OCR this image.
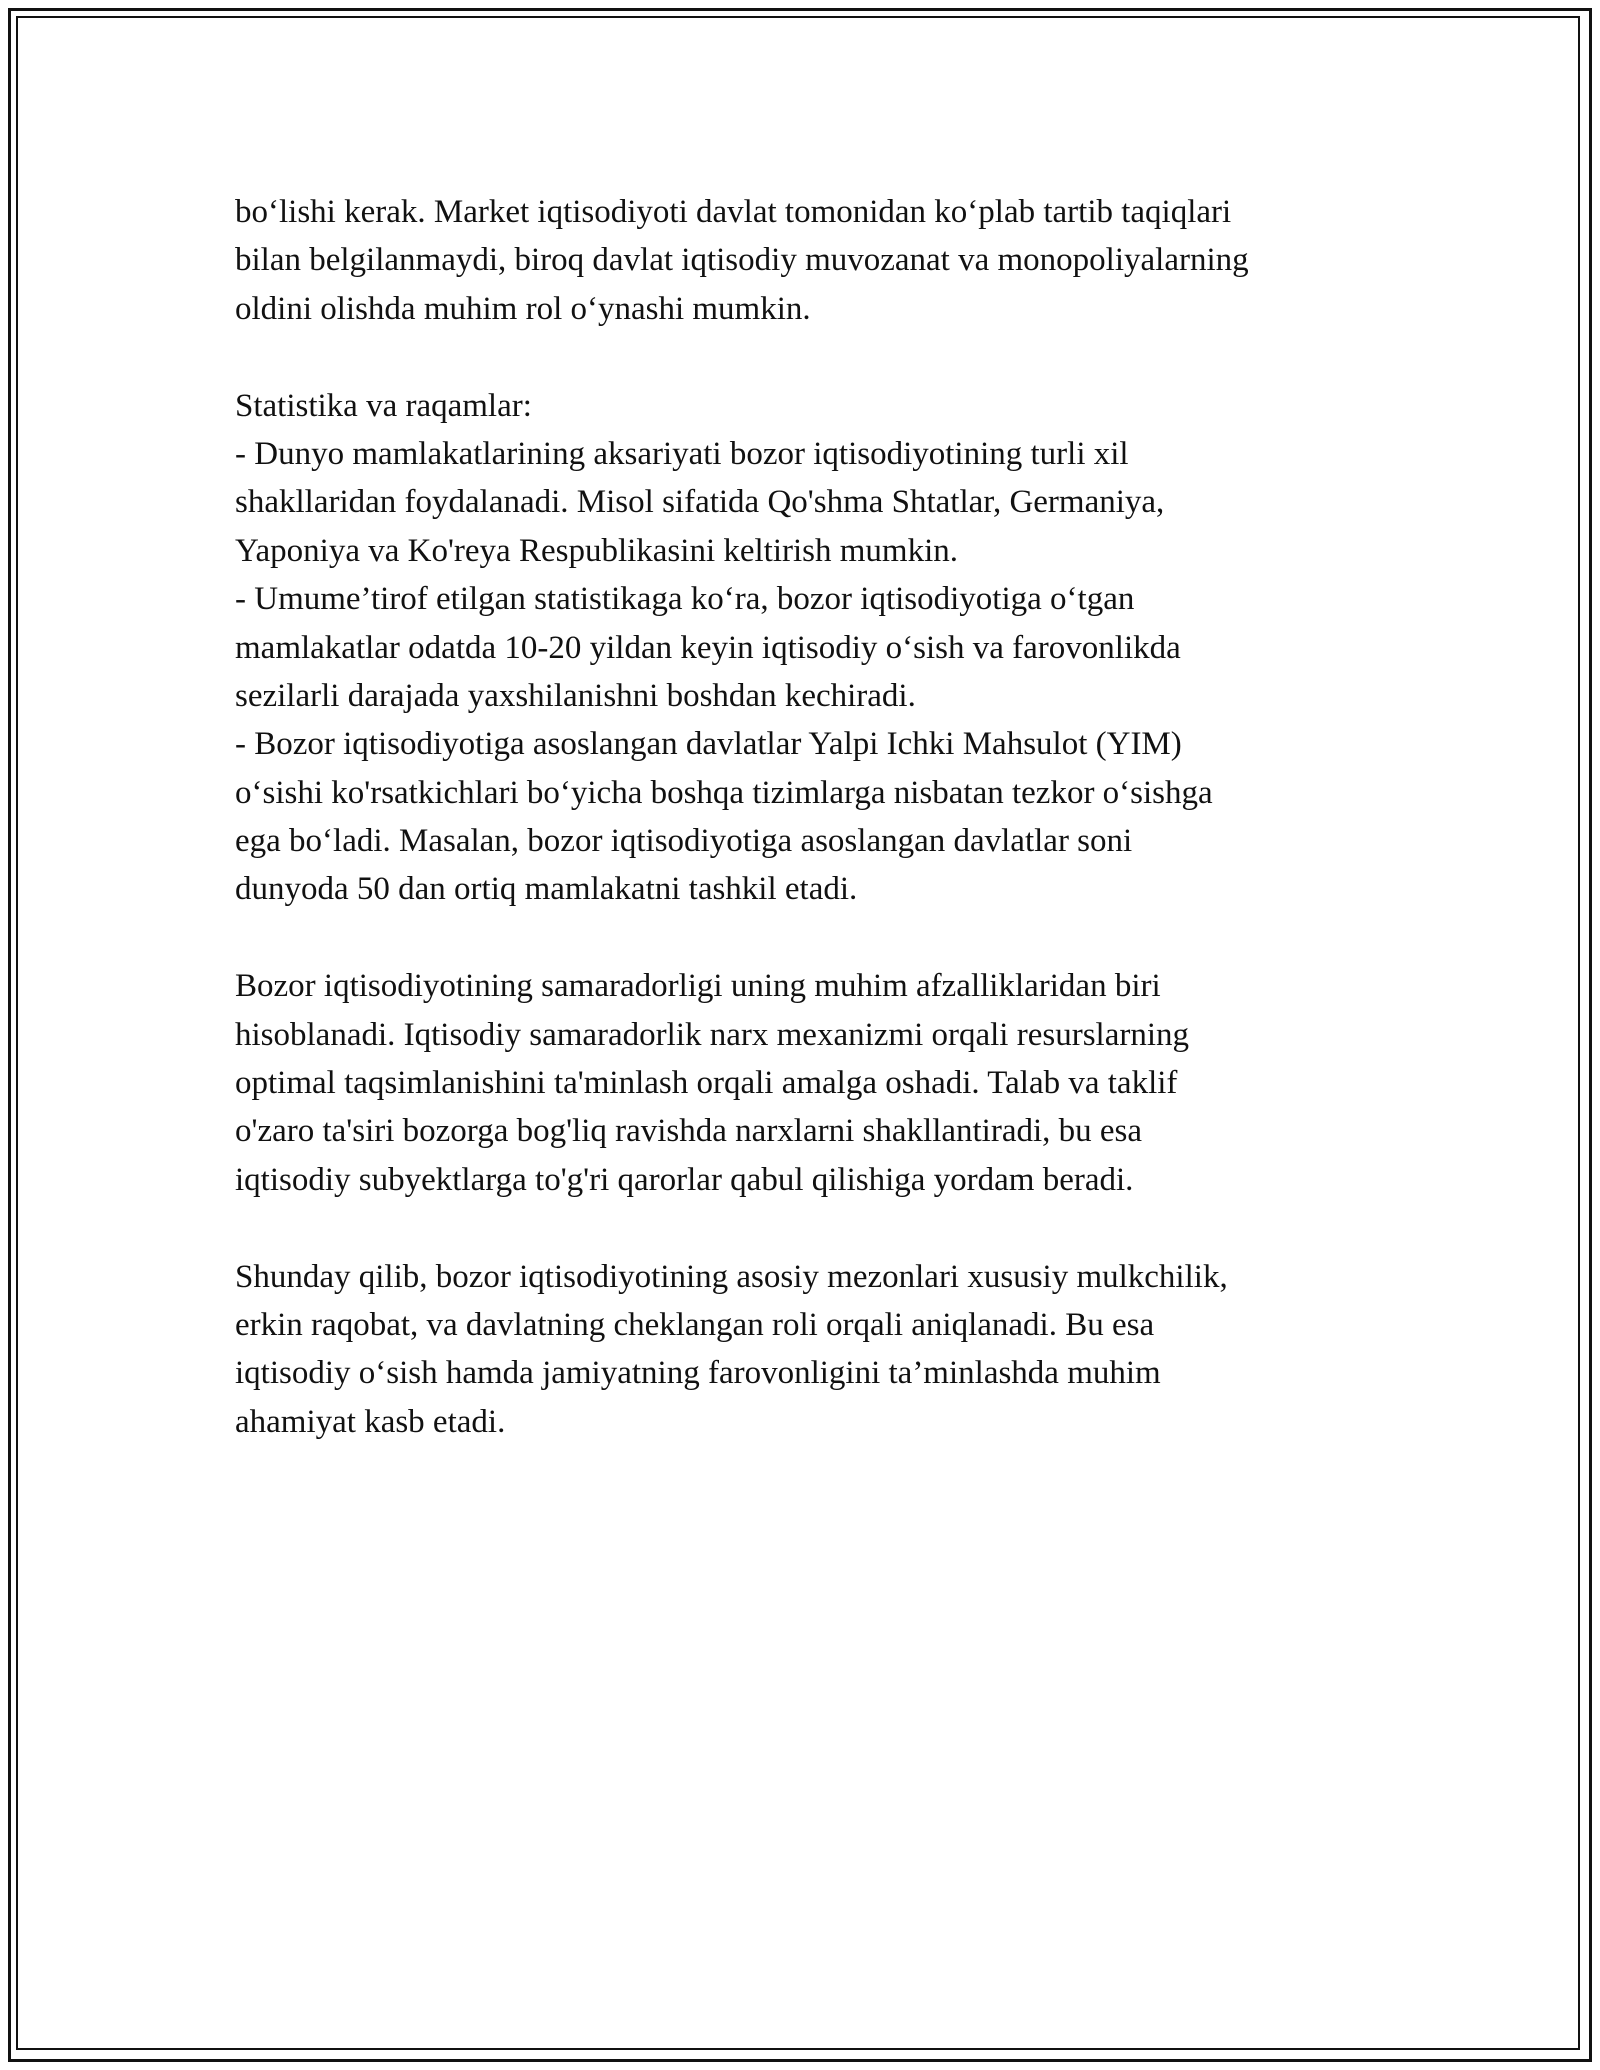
bo‘lishi kerak. Market iqtisodiyoti davlat tomonidan ko‘plab tartib taqiqlari
bilan belgilanmaydi, biroq davlat iqtisodiy muvozanat va monopoliyalarning
oldini olishda muhim rol o‘ynashi mumkin.
Statistika va raqamlar:
- Dunyo mamlakatlarining aksariyati bozor iqtisodiyotining turli xil
shakllaridan foydalanadi. Misol sifatida Qo'shma Shtatlar, Germaniya,
Yaponiya va Ko'reya Respublikasini keltirish mumkin.
- Umume’tirof etilgan statistikaga ko‘ra, bozor iqtisodiyotiga o‘tgan
mamlakatlar odatda 10-20 yildan keyin iqtisodiy o‘sish va farovonlikda
sezilarli darajada yaxshilanishni boshdan kechiradi.
- Bozor iqtisodiyotiga asoslangan davlatlar Yalpi Ichki Mahsulot (YIM)
o‘sishi ko'rsatkichlari bo‘yicha boshqa tizimlarga nisbatan tezkor o‘sishga
ega bo‘ladi. Masalan, bozor iqtisodiyotiga asoslangan davlatlar soni
dunyoda 50 dan ortiq mamlakatni tashkil etadi.
Bozor iqtisodiyotining samaradorligi uning muhim afzalliklaridan biri
hisoblanadi. Iqtisodiy samaradorlik narx mexanizmi orqali resurslarning
optimal taqsimlanishini ta'minlash orqali amalga oshadi. Talab va taklif
o'zaro ta'siri bozorga bog'liq ravishda narxlarni shakllantiradi, bu esa
iqtisodiy subyektlarga to'g'ri qarorlar qabul qilishiga yordam beradi.
Shunday qilib, bozor iqtisodiyotining asosiy mezonlari xususiy mulkchilik,
erkin raqobat, va davlatning cheklangan roli orqali aniqlanadi. Bu esa
iqtisodiy o‘sish hamda jamiyatning farovonligini ta’minlashda muhim
ahamiyat kasb etadi.
